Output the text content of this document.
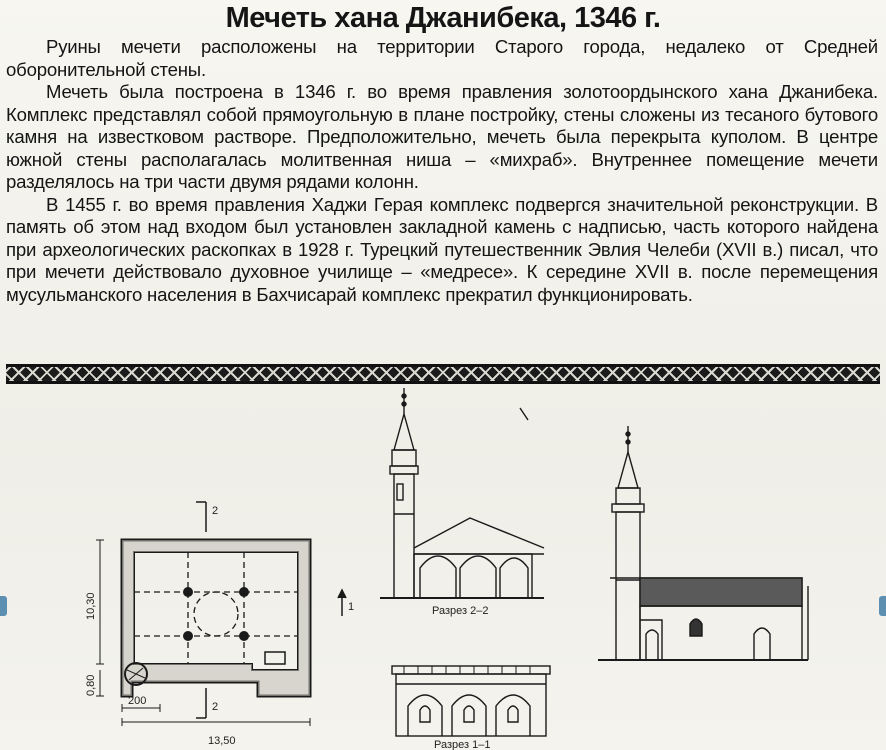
Мечеть хана Джанибека, 1346 г.

Руины мечети расположены на территории Старого города, недалеко от Средней оборонительной стены.

Мечеть была построена в 1346 г. во время правления золотоордынского хана Джанибека. Комплекс представлял собой прямоугольную в плане постройку, стены сложены из тесаного бутового камня на известковом растворе. Предположительно, мечеть была перекрыта куполом. В центре южной стены располагалась молитвенная ниша – «михраб». Внутреннее помещение мечети разделялось на три части двумя рядами колонн.

В 1455 г. во время правления Хаджи Герая комплекс подвергся значительной реконструкции. В память об этом над входом был установлен закладной камень с надписью, часть которого найдена при археологических раскопках в 1928 г. Турецкий путешественник Эвлия Челеби (XVII в.) писал, что при мечети действовало духовное училище – «медресе». К середине XVII в. после перемещения мусульманского населения в Бахчисарай комплекс прекратил функционировать.

10,30
0,80
13,50
200
2
2
1	Разрез 2–2
Разрез 1–1
